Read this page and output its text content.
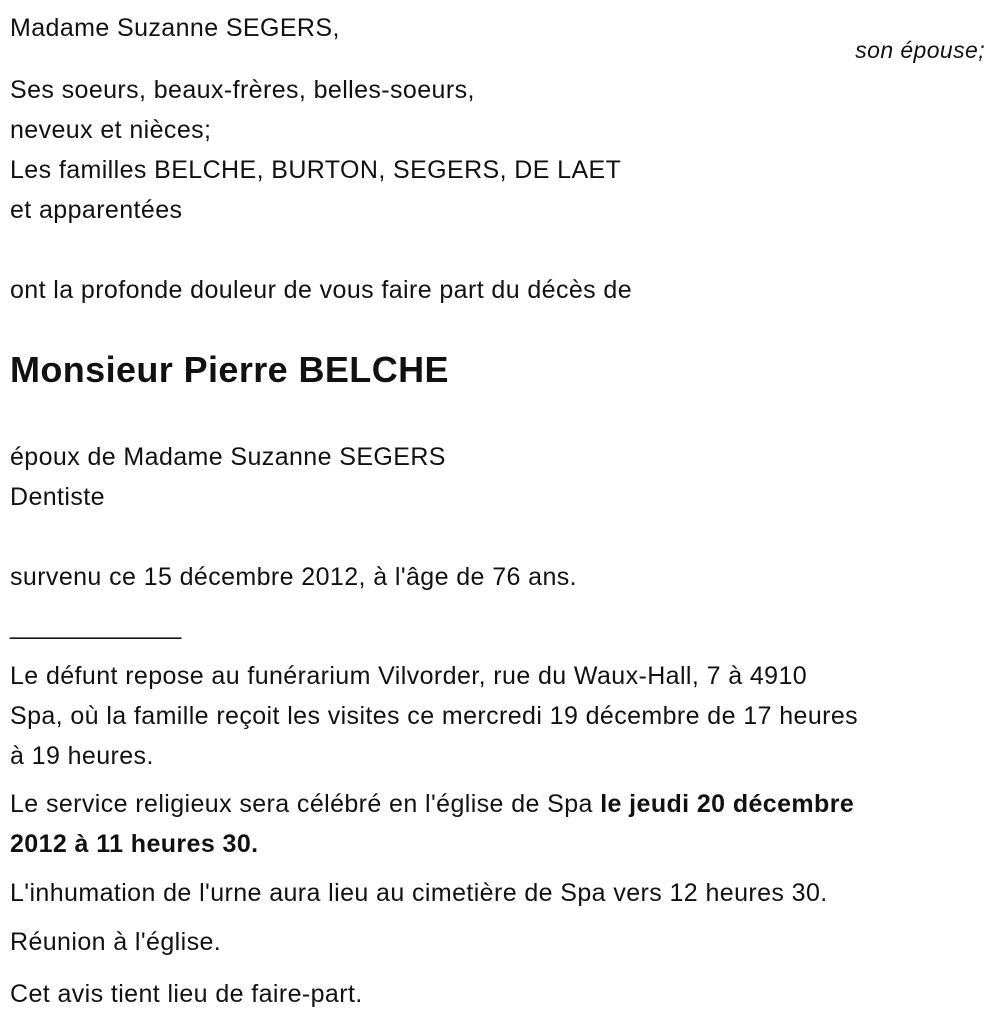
Madame Suzanne SEGERS,
son épouse;
Ses soeurs, beaux-frères, belles-soeurs,
neveux et nièces;
Les familles BELCHE, BURTON, SEGERS, DE LAET
et apparentées
ont la profonde douleur de vous faire part du décès de
Monsieur Pierre BELCHE
époux de Madame Suzanne SEGERS
Dentiste
survenu ce 15 décembre 2012, à l'âge de 76 ans.
____________
Le défunt repose au funérarium Vilvorder, rue du Waux-Hall, 7 à 4910
Spa, où la famille reçoit les visites ce mercredi 19 décembre de 17 heures
à 19 heures.
Le service religieux sera célébré en l'église de Spa le jeudi 20 décembre
2012 à 11 heures 30.
L'inhumation de l'urne aura lieu au cimetière de Spa vers 12 heures 30.
Réunion à l'église.
Cet avis tient lieu de faire-part.
